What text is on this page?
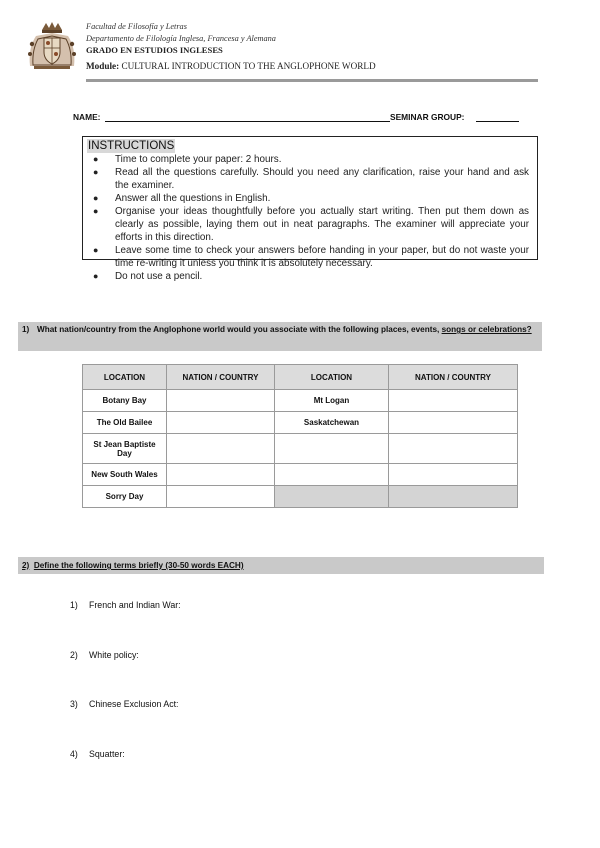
Facultad de Filosofía y Letras
Departamento de Filología Inglesa, Francesa y Alemana
GRADO EN ESTUDIOS INGLESES
Module: CULTURAL INTRODUCTION TO THE ANGLOPHONE WORLD
NAME:	SEMINAR GROUP:
INSTRUCTIONS
● Time to complete your paper: 2 hours.
● Read all the questions carefully. Should you need any clarification, raise your hand and ask the examiner.
● Answer all the questions in English.
● Organise your ideas thoughtfully before you actually start writing. Then put them down as clearly as possible, laying them out in neat paragraphs. The examiner will appreciate your efforts in this direction.
● Leave some time to check your answers before handing in your paper, but do not waste your time re-writing it unless you think it is absolutely necessary.
● Do not use a pencil.
1) What nation/country from the Anglophone world would you associate with the following places, events, songs or celebrations?
LOCATION	NATION / COUNTRY	LOCATION	NATION / COUNTRY
Botany Bay		Mt Logan	
The Old Bailee		Saskatchewan	
St Jean Baptiste Day			
New South Wales			
Sorry Day			
2) Define the following terms briefly (30-50 words EACH)
1) French and Indian War:
2) White policy:
3) Chinese Exclusion Act:
4) Squatter:
